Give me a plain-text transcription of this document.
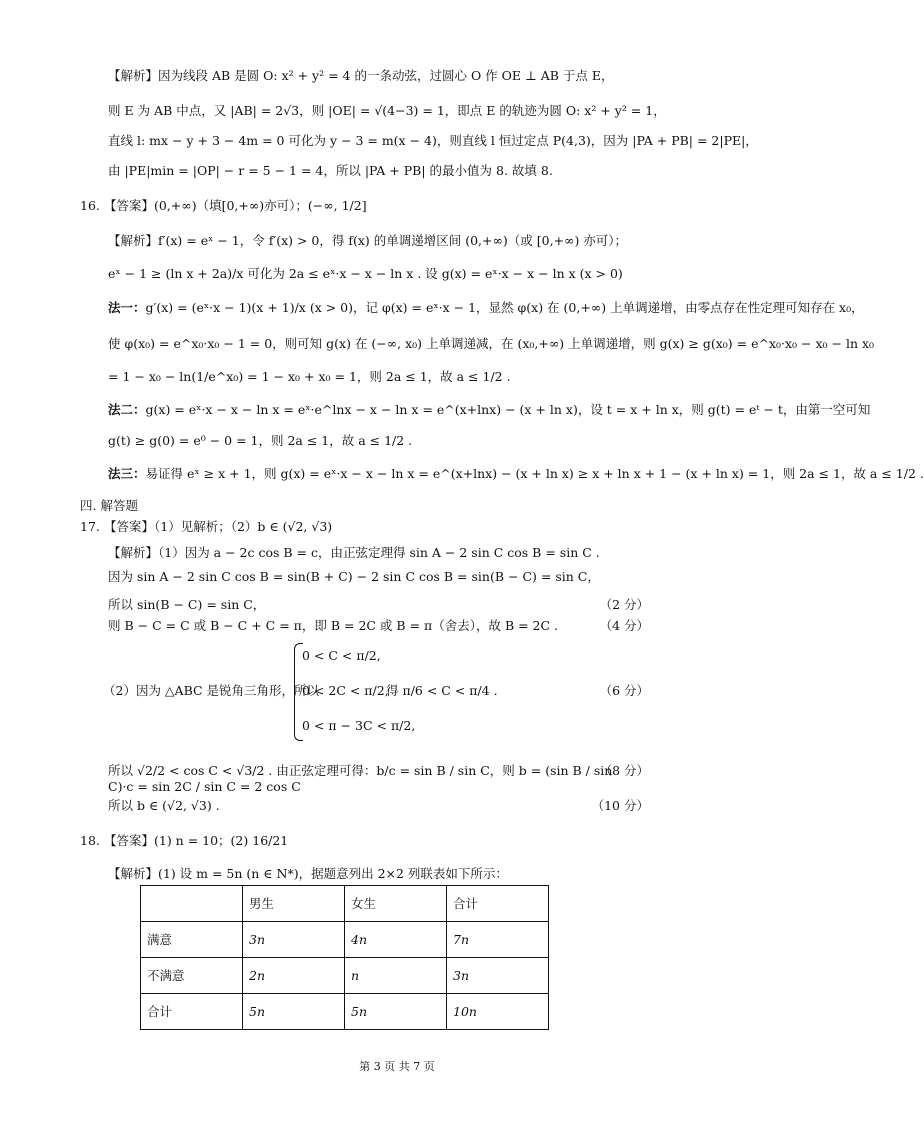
【解析】因为线段 AB 是圆 O: x² + y² = 4 的一条动弦，过圆心 O 作 OE ⊥ AB 于点 E，
则 E 为 AB 中点，又 |AB| = 2√3，则 |OE| = √(4−3) = 1，即点 E 的轨迹为圆 O: x² + y² = 1，
直线 l: mx − y + 3 − 4m = 0 可化为 y − 3 = m(x − 4)，则直线 l 恒过定点 P(4,3)，因为 |PA + PB| = 2|PE|，
由 |PE|min = |OP| − r = 5 − 1 = 4，所以 |PA + PB| 的最小值为 8. 故填 8.
16. 【答案】(0,+∞)（填[0,+∞)亦可）；(−∞, 1/2]
【解析】f′(x) = eˣ − 1，令 f′(x) > 0，得 f(x) 的单调递增区间 (0,+∞)（或 [0,+∞) 亦可）；
eˣ − 1 ≥ (ln x + 2a)/x 可化为 2a ≤ eˣ·x − x − ln x . 设 g(x) = eˣ·x − x − ln x (x > 0)
法一：g′(x) = (eˣ·x − 1)(x + 1)/x (x > 0)，记 φ(x) = eˣ·x − 1，显然 φ(x) 在 (0,+∞) 上单调递增，由零点存在性定理可知存在 x₀，
使 φ(x₀) = e^x₀·x₀ − 1 = 0，则可知 g(x) 在 (−∞, x₀) 上单调递减，在 (x₀,+∞) 上单调递增，则 g(x) ≥ g(x₀) = e^x₀·x₀ − x₀ − ln x₀
= 1 − x₀ − ln(1/e^x₀) = 1 − x₀ + x₀ = 1，则 2a ≤ 1，故 a ≤ 1/2 .
法二：g(x) = eˣ·x − x − ln x = eˣ·e^lnx − x − ln x = e^(x+lnx) − (x + ln x)，设 t = x + ln x，则 g(t) = eᵗ − t，由第一空可知
g(t) ≥ g(0) = e⁰ − 0 = 1，则 2a ≤ 1，故 a ≤ 1/2 .
法三：易证得 eˣ ≥ x + 1，则 g(x) = eˣ·x − x − ln x = e^(x+lnx) − (x + ln x) ≥ x + ln x + 1 − (x + ln x) = 1，则 2a ≤ 1，故 a ≤ 1/2 .
四. 解答题
17. 【答案】（1）见解析；（2）b ∈ (√2, √3)
【解析】（1）因为 a − 2c cos B = c，由正弦定理得 sin A − 2 sin C cos B = sin C .
因为 sin A − 2 sin C cos B = sin(B + C) − 2 sin C cos B = sin(B − C) = sin C，
所以 sin(B − C) = sin C，	（2 分）
则 B − C = C 或 B − C + C = π，即 B = 2C 或 B = π（舍去），故 B = 2C .	（4 分）
（2）因为 △ABC 是锐角三角形，所以
0 < C < π/2,
0 < 2C < π/2,
0 < π − 3C < π/2,
得 π/6 < C < π/4 .	（6 分）
所以 √2/2 < cos C < √3/2 . 由正弦定理可得：b/c = sin B / sin C，则 b = (sin B / sin C)·c = sin 2C / sin C = 2 cos C
（8 分）
所以 b ∈ (√2, √3) .	（10 分）
18. 【答案】(1) n = 10；(2) 16/21
【解析】(1) 设 m = 5n (n ∈ N*)，据题意列出 2×2 列联表如下所示：
	男生	女生	合计
满意	3n	4n	7n
不满意	2n	n	3n
合计	5n	5n	10n
第 3 页 共 7 页
